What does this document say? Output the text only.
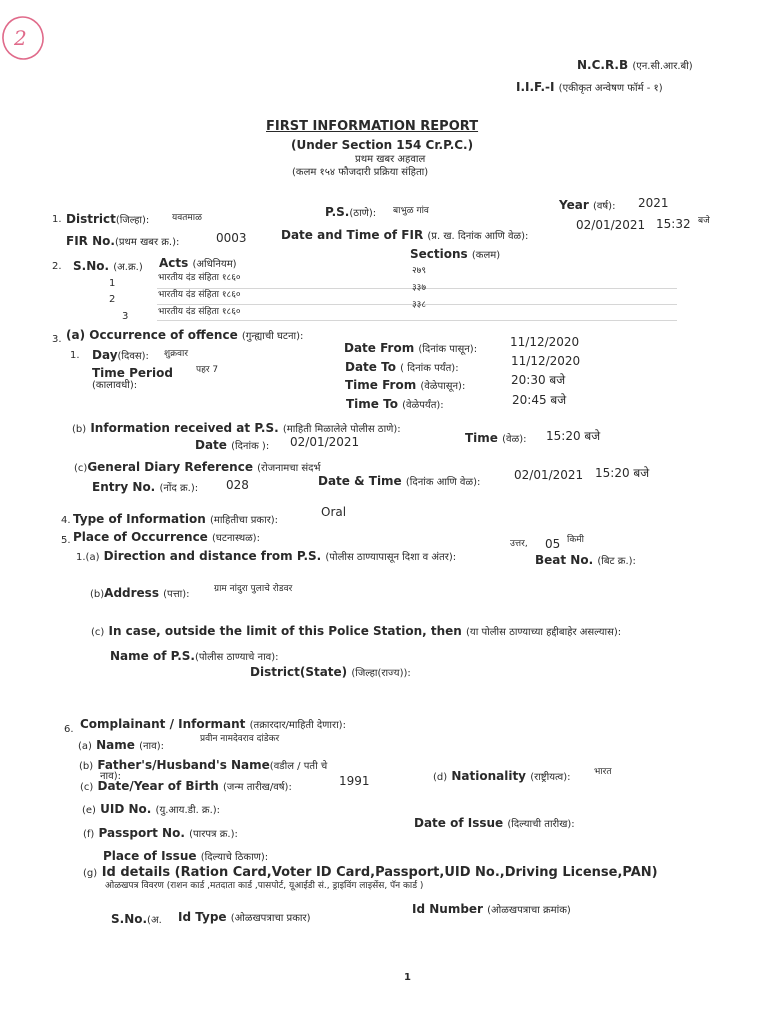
2
N.C.R.B (एन.सी.आर.बी)
I.I.F.-I (एकीकृत अन्वेषण फॉर्म - १)
FIRST INFORMATION REPORT
(Under Section 154 Cr.P.C.)
प्रथम खबर अहवाल
(कलम १५४ फौजदारी प्रक्रिया संहिता)
1. District(जिल्हा):	यवतमाळ	P.S.(ठाणे): बाभुळ गांव	Year (वर्ष): 2021
FIR No.(प्रथम खबर क्र.):	0003	Date and Time of FIR (प्र. ख. दिनांक आणि वेळ):
02/01/2021 15:32 बजे
2. S.No. (अ.क्र.) Acts (अधिनियम)
Sections (कलम)
1	भारतीय दंड संहिता १८६०
२७९
2	भारतीय दंड संहिता १८६०
३३७
3	भारतीय दंड संहिता १८६०
३३८
3. (a) Occurrence of offence (गुन्ह्याची घटना):
1. Day(दिवस): शुक्रवार
Time Period
(कालावधी):
पहर 7
Date From (दिनांक पासून):
11/12/2020
Date To ( दिनांक पर्यंत):
11/12/2020
Time From (वेळेपासून):	20:30 बजे
Time To (वेळेपर्यंत):	20:45 बजे
(b) Information received at P.S. (माहिती मिळालेले पोलीस ठाणे):
Date (दिनांक ): 02/01/2021	Time (वेळ): 15:20 बजे
(c)General Diary Reference (रोजनामचा संदर्भ
Entry No. (नोंद क्र.): 028	Date & Time (दिनांक आणि वेळ):
02/01/2021 15:20 बजे
4. Type of Information (माहितीचा प्रकार):
Oral
5. Place of Occurrence (घटनास्थळ):
1.(a) Direction and distance from P.S. (पोलीस ठाण्यापासून दिशा व अंतर):
उत्तर, 05 किमी
Beat No. (बिट क्र.):
(b)Address (पत्ता):	ग्राम नांदुरा पुलाचे रोडवर
(c) In case, outside the limit of this Police Station, then (या पोलीस ठाण्याच्या हद्दीबाहेर असल्यास):
Name of P.S.(पोलीस ठाण्याचे नाव):
District(State) (जिल्हा(राज्य)):
6. Complainant / Informant (तक्रारदार/माहिती देणारा):
(a) Name (नाव):
प्रवीन नामदेवराव दांडेकर
(b) Father's/Husband's Name(वडील / पती चे
नाव):
(c) Date/Year of Birth (जन्म तारीख/वर्ष):	1991	(d) Nationality (राष्ट्रीयत्व):	भारत
(e) UID No. (यु.आय.डी. क्र.):
(f) Passport No. (पारपत्र क्र.):
Date of Issue (दिल्याची तारीख):
Place of Issue (दिल्याचे ठिकाण):
(g) Id details (Ration Card,Voter ID Card,Passport,UID No.,Driving License,PAN)
ओळखपत्र विवरण (राशन कार्ड ,मतदाता कार्ड ,पासपोर्ट, यूआईडी सं., ड्राइविंग लाइसेंस, पॅन कार्ड )
S.No.(अ. Id Type (ओळखपत्राचा प्रकार)
Id Number (ओळखपत्राचा क्रमांक)
1
